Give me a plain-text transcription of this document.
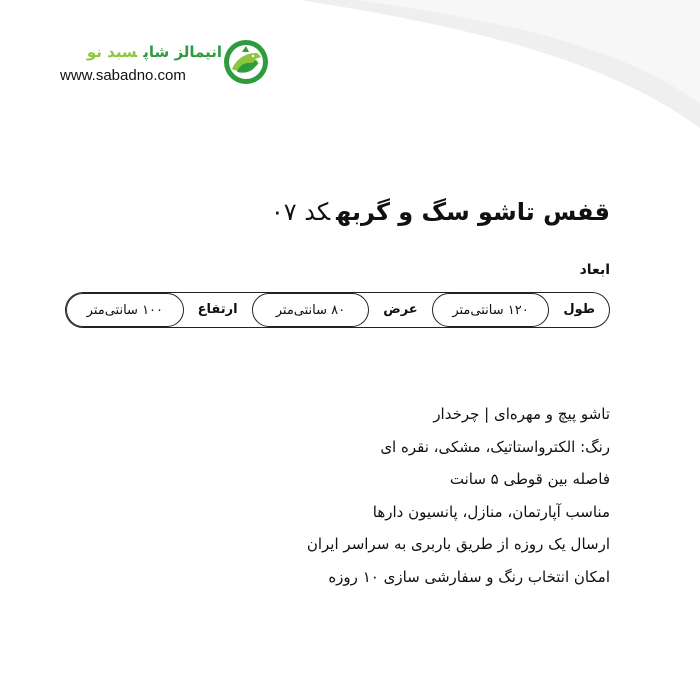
انیمالز شاپسبد نو
www.sabadno.com
قفس تاشو سگ و گربهکد ۰۷
ابعاد
طول
۱۲۰ سانتی‌متر
عرض
۸۰ سانتی‌متر
ارتفاع
۱۰۰ سانتی‌متر
تاشو پیچ و مهره‌ای | چرخدار
رنگ: الکترواستاتیک، مشکی، نقره ای
فاصله بین قوطی ۵ سانت
مناسب آپارتمان، منازل، پانسیون دارها
ارسال یک روزه از طریق باربری به سراسر ایران
امکان انتخاب رنگ و سفارشی سازی ۱۰ روزه
